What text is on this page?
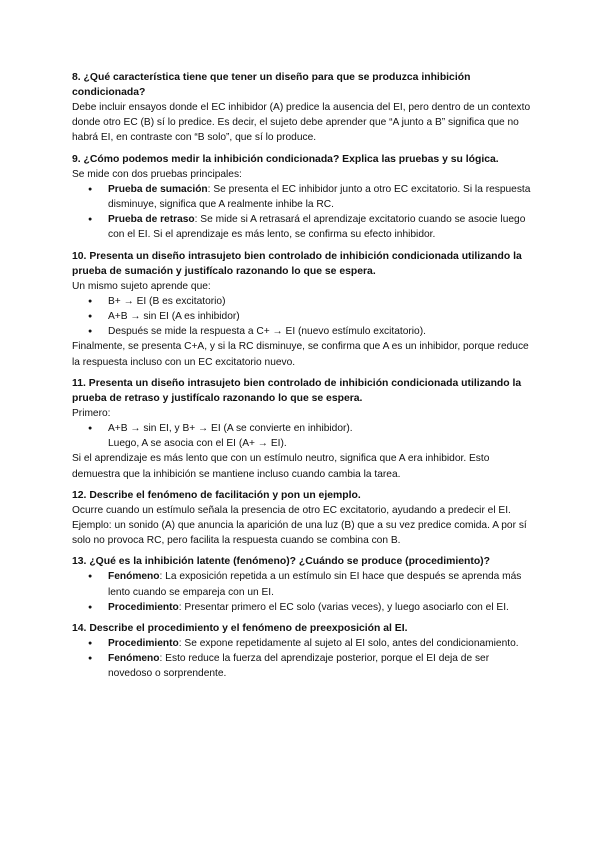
8. ¿Qué característica tiene que tener un diseño para que se produzca inhibición condicionada?

Debe incluir ensayos donde el EC inhibidor (A) predice la ausencia del EI, pero dentro de un contexto donde otro EC (B) sí lo predice. Es decir, el sujeto debe aprender que “A junto a B” significa que no habrá EI, en contraste con “B solo”, que sí lo produce.

9. ¿Cómo podemos medir la inhibición condicionada? Explica las pruebas y su lógica.

Se mide con dos pruebas principales:

● Prueba de sumación: Se presenta el EC inhibidor junto a otro EC excitatorio. Si la respuesta disminuye, significa que A realmente inhibe la RC.
● Prueba de retraso: Se mide si A retrasará el aprendizaje excitatorio cuando se asocie luego con el EI. Si el aprendizaje es más lento, se confirma su efecto inhibidor.

10. Presenta un diseño intrasujeto bien controlado de inhibición condicionada utilizando la prueba de sumación y justifícalo razonando lo que se espera.

Un mismo sujeto aprende que:

● B+ → EI (B es excitatorio)
● A+B → sin EI (A es inhibidor)
● Después se mide la respuesta a C+ → EI (nuevo estímulo excitatorio).

Finalmente, se presenta C+A, y si la RC disminuye, se confirma que A es un inhibidor, porque reduce la respuesta incluso con un EC excitatorio nuevo.

11. Presenta un diseño intrasujeto bien controlado de inhibición condicionada utilizando la prueba de retraso y justifícalo razonando lo que se espera.

Primero:

● A+B → sin EI, y B+ → EI (A se convierte en inhibidor).

Luego, A se asocia con el EI (A+ → EI).

Si el aprendizaje es más lento que con un estímulo neutro, significa que A era inhibidor. Esto demuestra que la inhibición se mantiene incluso cuando cambia la tarea.

12. Describe el fenómeno de facilitación y pon un ejemplo.

Ocurre cuando un estímulo señala la presencia de otro EC excitatorio, ayudando a predecir el EI.

Ejemplo: un sonido (A) que anuncia la aparición de una luz (B) que a su vez predice comida. A por sí solo no provoca RC, pero facilita la respuesta cuando se combina con B.

13. ¿Qué es la inhibición latente (fenómeno)? ¿Cuándo se produce (procedimiento)?

● Fenómeno: La exposición repetida a un estímulo sin EI hace que después se aprenda más lento cuando se empareja con un EI.
● Procedimiento: Presentar primero el EC solo (varias veces), y luego asociarlo con el EI.

14. Describe el procedimiento y el fenómeno de preexposición al EI.

● Procedimiento: Se expone repetidamente al sujeto al EI solo, antes del condicionamiento.
● Fenómeno: Esto reduce la fuerza del aprendizaje posterior, porque el EI deja de ser novedoso o sorprendente.
